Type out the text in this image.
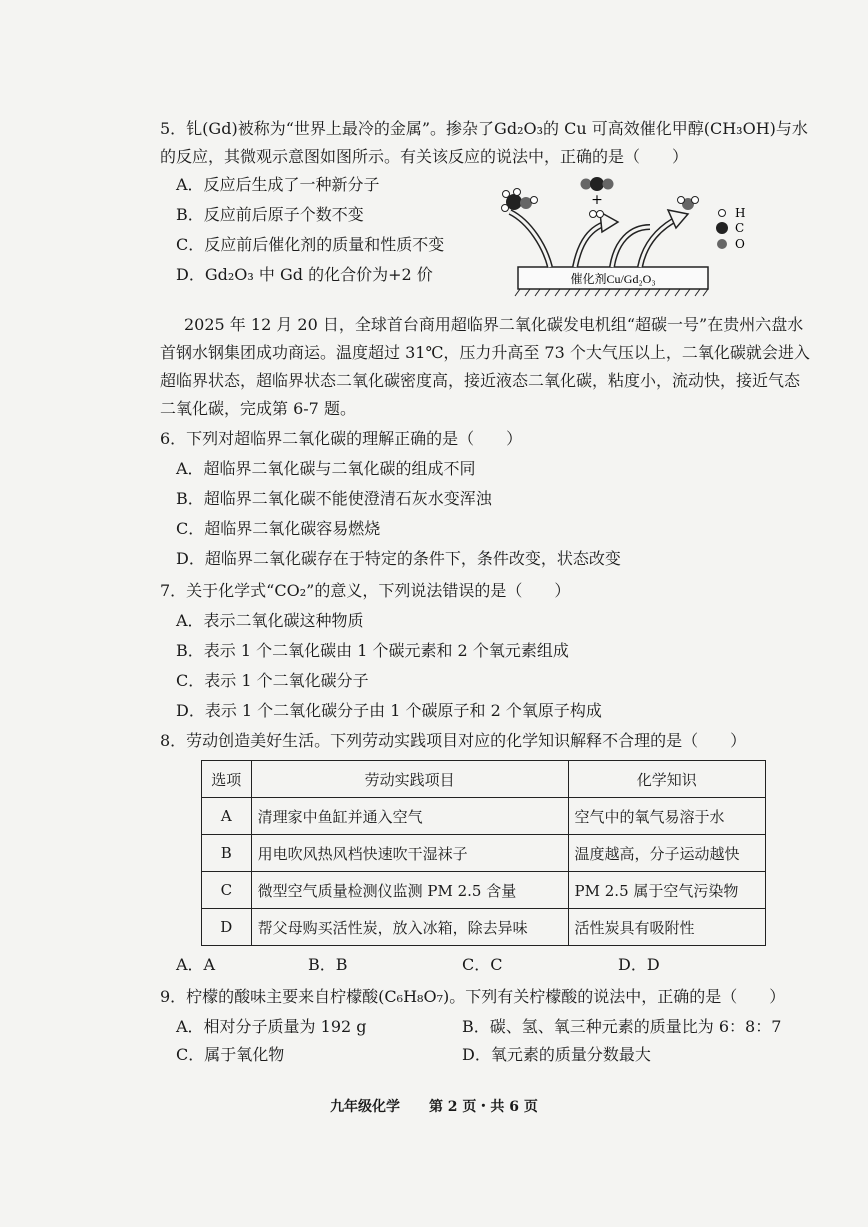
5．钆(Gd)被称为“世界上最冷的金属”。掺杂了Gd₂O₃的 Cu 可高效催化甲醇(CH₃OH)与水
的反应，其微观示意图如图所示。有关该反应的说法中，正确的是（　　）
A．反应后生成了一种新分子
B．反应前后原子个数不变
C．反应前后催化剂的质量和性质不变
D．Gd₂O₃ 中 Gd 的化合价为+2 价	催化剂Cu/Gd₂O₃
+
H
C
O
2025 年 12 月 20 日，全球首台商用超临界二氧化碳发电机组“超碳一号”在贵州六盘水
首钢水钢集团成功商运。温度超过 31℃，压力升高至 73 个大气压以上，二氧化碳就会进入
超临界状态，超临界状态二氧化碳密度高，接近液态二氧化碳，粘度小，流动快，接近气态
二氧化碳，完成第 6-7 题。
6．下列对超临界二氧化碳的理解正确的是（　　）
A．超临界二氧化碳与二氧化碳的组成不同
B．超临界二氧化碳不能使澄清石灰水变浑浊
C．超临界二氧化碳容易燃烧
D．超临界二氧化碳存在于特定的条件下，条件改变，状态改变
7．关于化学式“CO₂”的意义，下列说法错误的是（　　）
A．表示二氧化碳这种物质
B．表示 1 个二氧化碳由 1 个碳元素和 2 个氧元素组成
C．表示 1 个二氧化碳分子
D．表示 1 个二氧化碳分子由 1 个碳原子和 2 个氧原子构成
8．劳动创造美好生活。下列劳动实践项目对应的化学知识解释不合理的是（　　）
选项	劳动实践项目	化学知识
A	清理家中鱼缸并通入空气	空气中的氧气易溶于水
B	用电吹风热风档快速吹干湿袜子	温度越高，分子运动越快
C	微型空气质量检测仪监测 PM 2.5 含量	PM 2.5 属于空气污染物
D	帮父母购买活性炭，放入冰箱，除去异味	活性炭具有吸附性
A．A	B．B	C．C	D．D
9．柠檬的酸味主要来自柠檬酸(C₆H₈O₇)。下列有关柠檬酸的说法中，正确的是（　　）
A．相对分子质量为 192 g	B．碳、氢、氧三种元素的质量比为 6：8：7
C．属于氧化物	D．氧元素的质量分数最大
九年级化学 第 2 页・共 6 页
